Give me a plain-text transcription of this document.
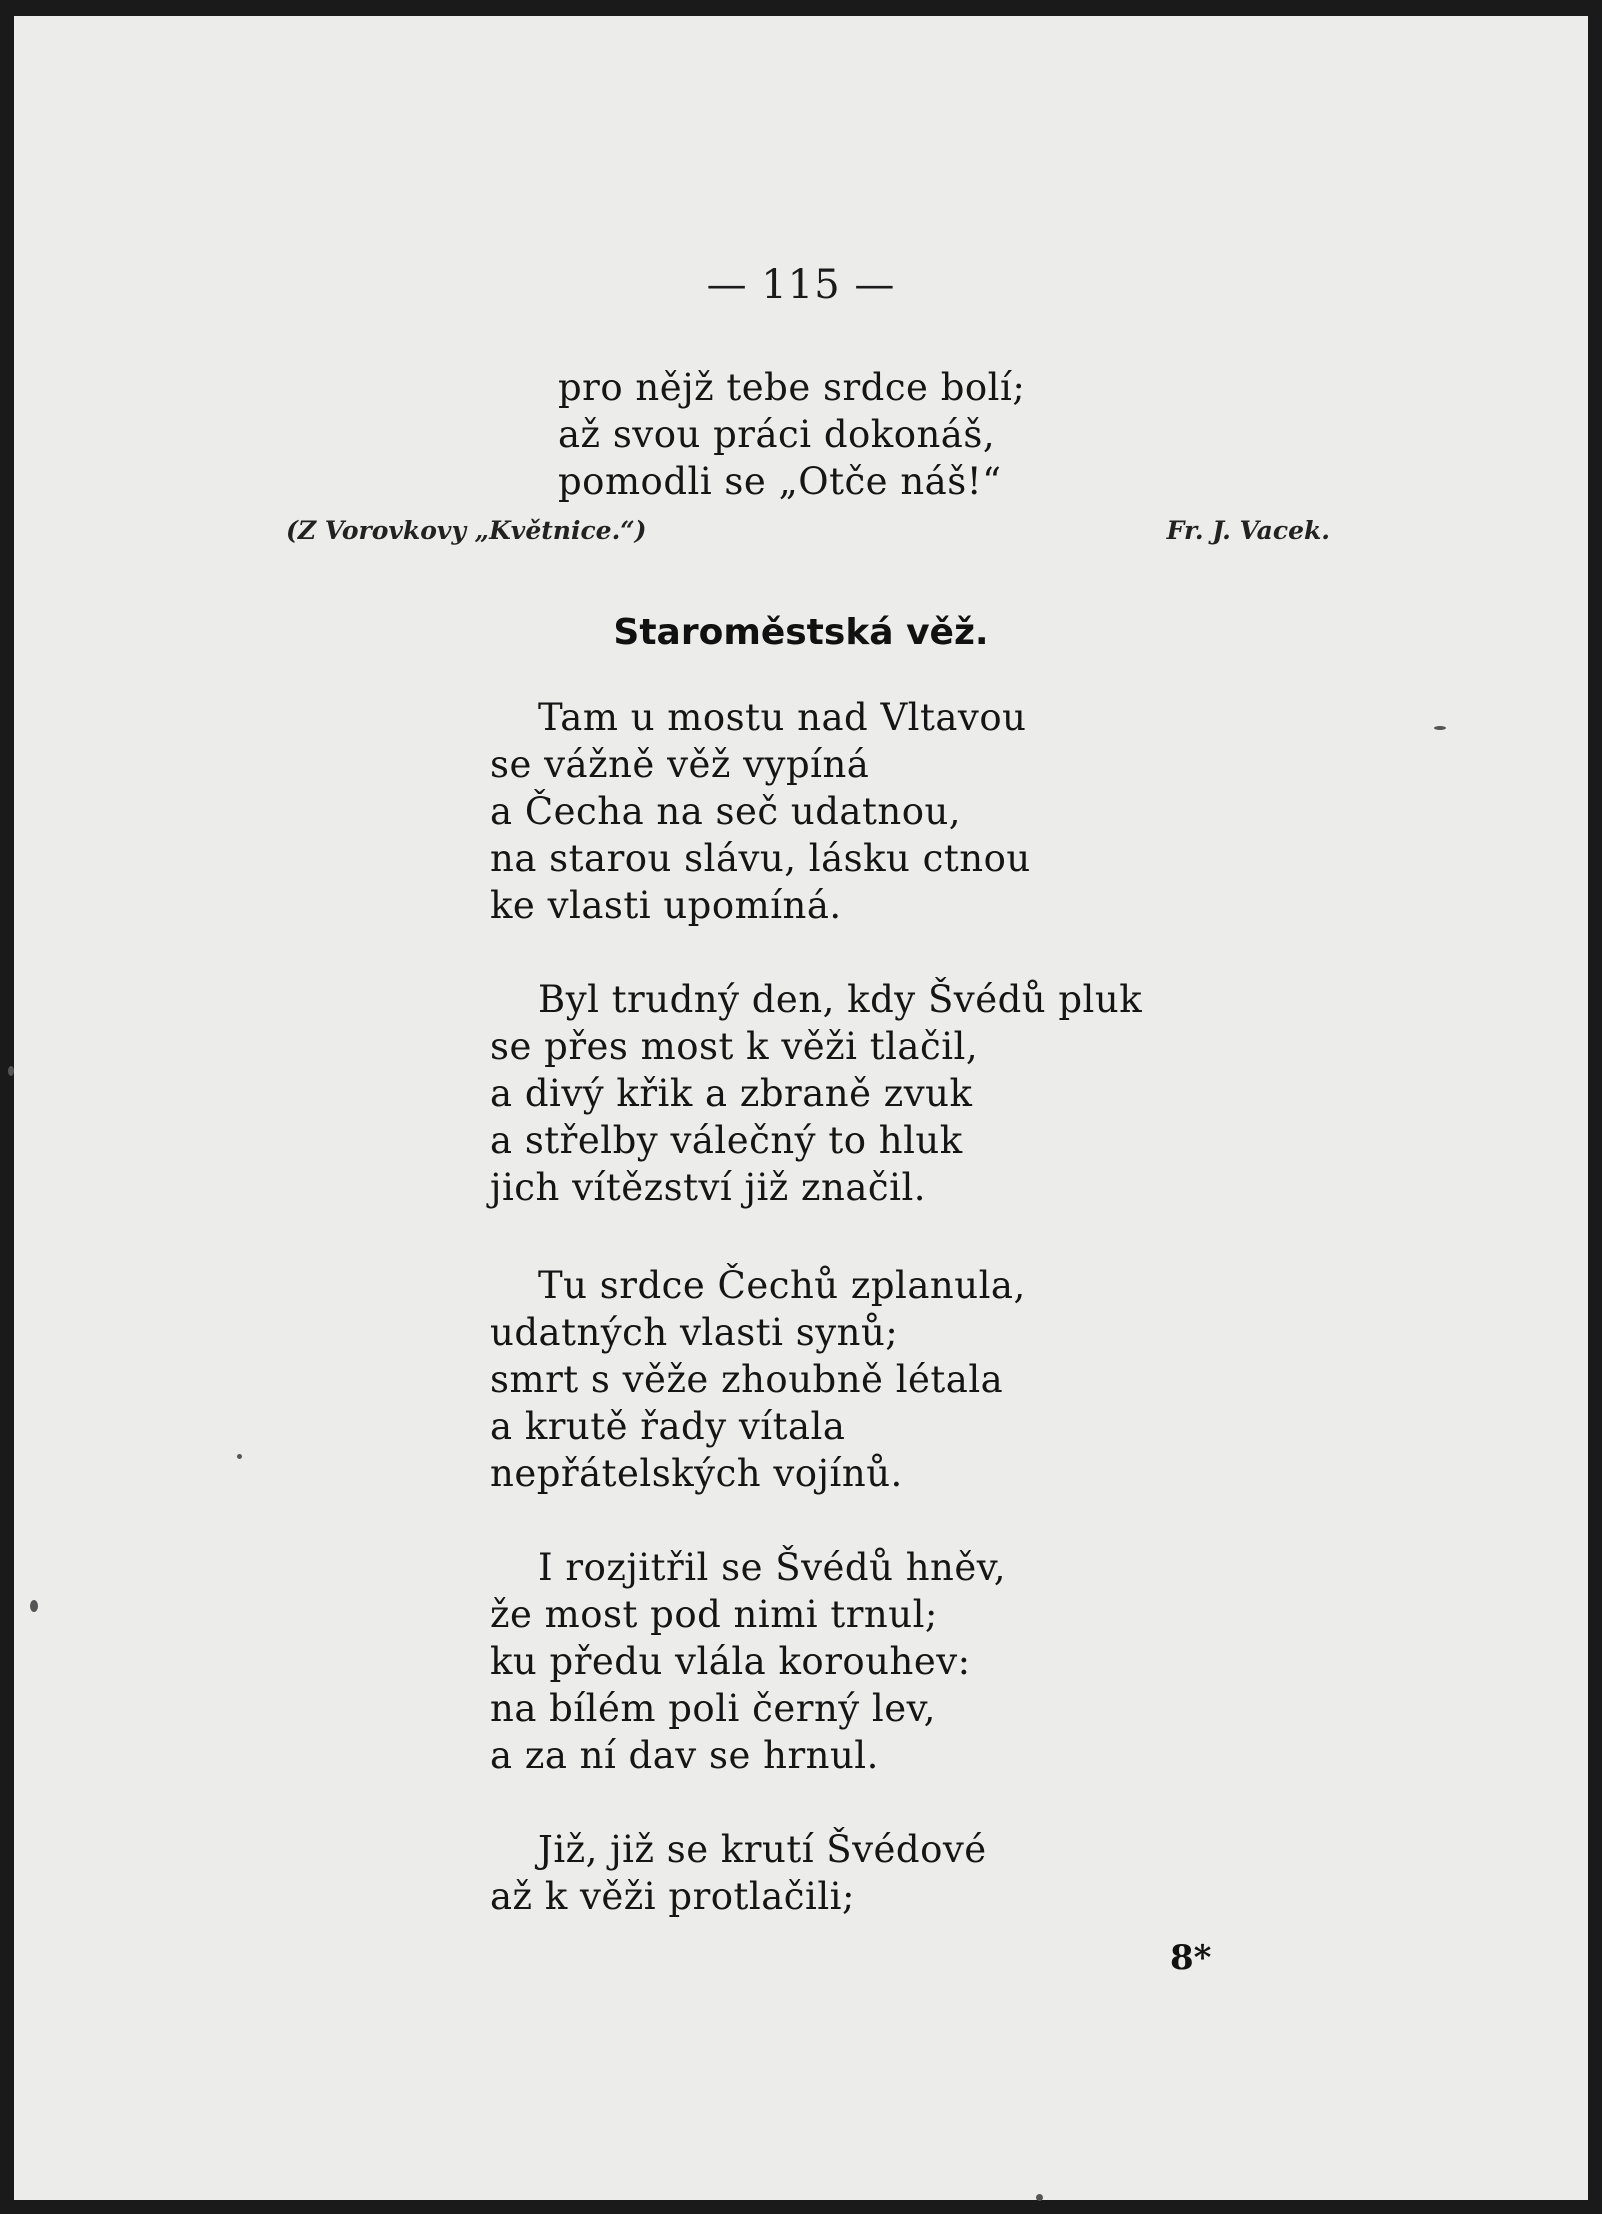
— 115 —
pro nějž tebe srdce bolí;
až svou práci dokonáš,
pomodli se „Otče náš!“
(Z Vorovkovy „Květnice.“)	Fr. J. Vacek.
Staroměstská věž.
Tam u mostu nad Vltavou
se vážně věž vypíná
a Čecha na seč udatnou,
na starou slávu, lásku ctnou
ke vlasti upomíná.
Byl trudný den, kdy Švédů pluk
se přes most k věži tlačil,
a divý křik a zbraně zvuk
a střelby válečný to hluk
jich vítězství již značil.
Tu srdce Čechů zplanula,
udatných vlasti synů;
smrt s věže zhoubně létala
a krutě řady vítala
nepřátelských vojínů.
I rozjitřil se Švédů hněv,
že most pod nimi trnul;
ku předu vlála korouhev:
na bílém poli černý lev,
a za ní dav se hrnul.
Již, již se krutí Švédové
až k věži protlačili;
8*
